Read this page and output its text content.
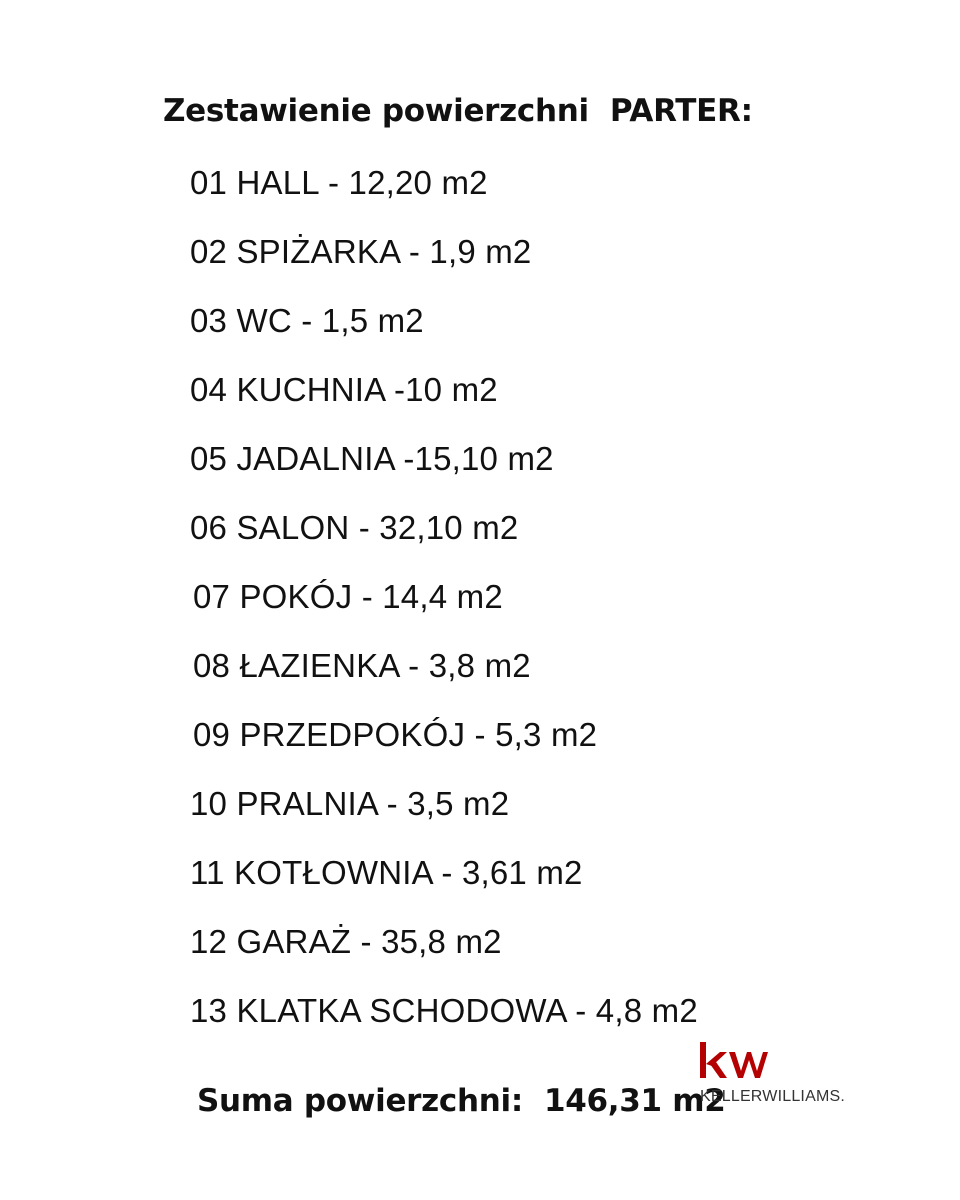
Zestawienie powierzchni  PARTER:
01 HALL - 12,20 m2
02 SPIŻARKA - 1,9 m2
03 WC - 1,5 m2
04 KUCHNIA -10 m2
05 JADALNIA -15,10 m2
06 SALON - 32,10 m2
07 POKÓJ - 14,4 m2
08 ŁAZIENKA - 3,8 m2
09 PRZEDPOKÓJ - 5,3 m2
10 PRALNIA - 3,5 m2
11 KOTŁOWNIA - 3,61 m2
12 GARAŻ - 35,8 m2
13 KLATKA SCHODOWA - 4,8 m2
Suma powierzchni:  146,31 m2
KELLERWILLIAMS.
